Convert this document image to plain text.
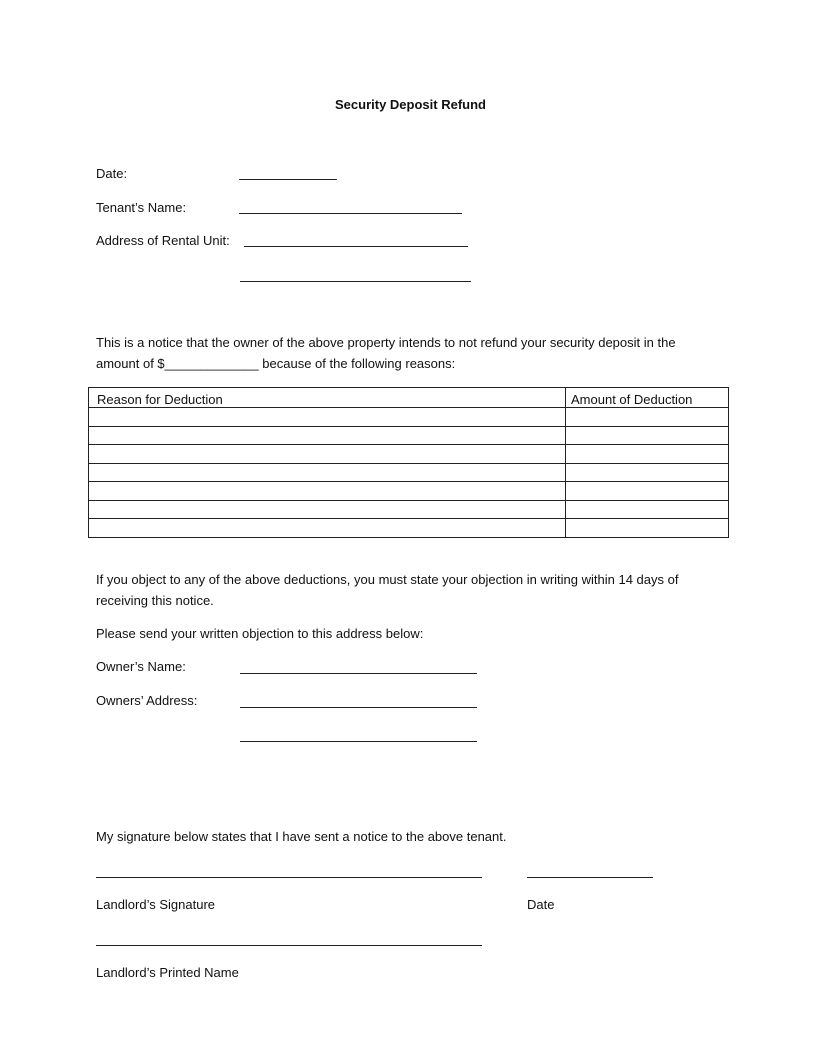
Security Deposit Refund
Date:
Tenant’s Name:
Address of Rental Unit:
This is a notice that the owner of the above property intends to not refund your security deposit in the
amount of $_____________ because of the following reasons:
Reason for Deduction	Amount of Deduction

If you object to any of the above deductions, you must state your objection in writing within 14 days of
receiving this notice.
Please send your written objection to this address below:
Owner’s Name:
Owners’ Address:
My signature below states that I have sent a notice to the above tenant.
Landlord’s Signature	Date
Landlord’s Printed Name
